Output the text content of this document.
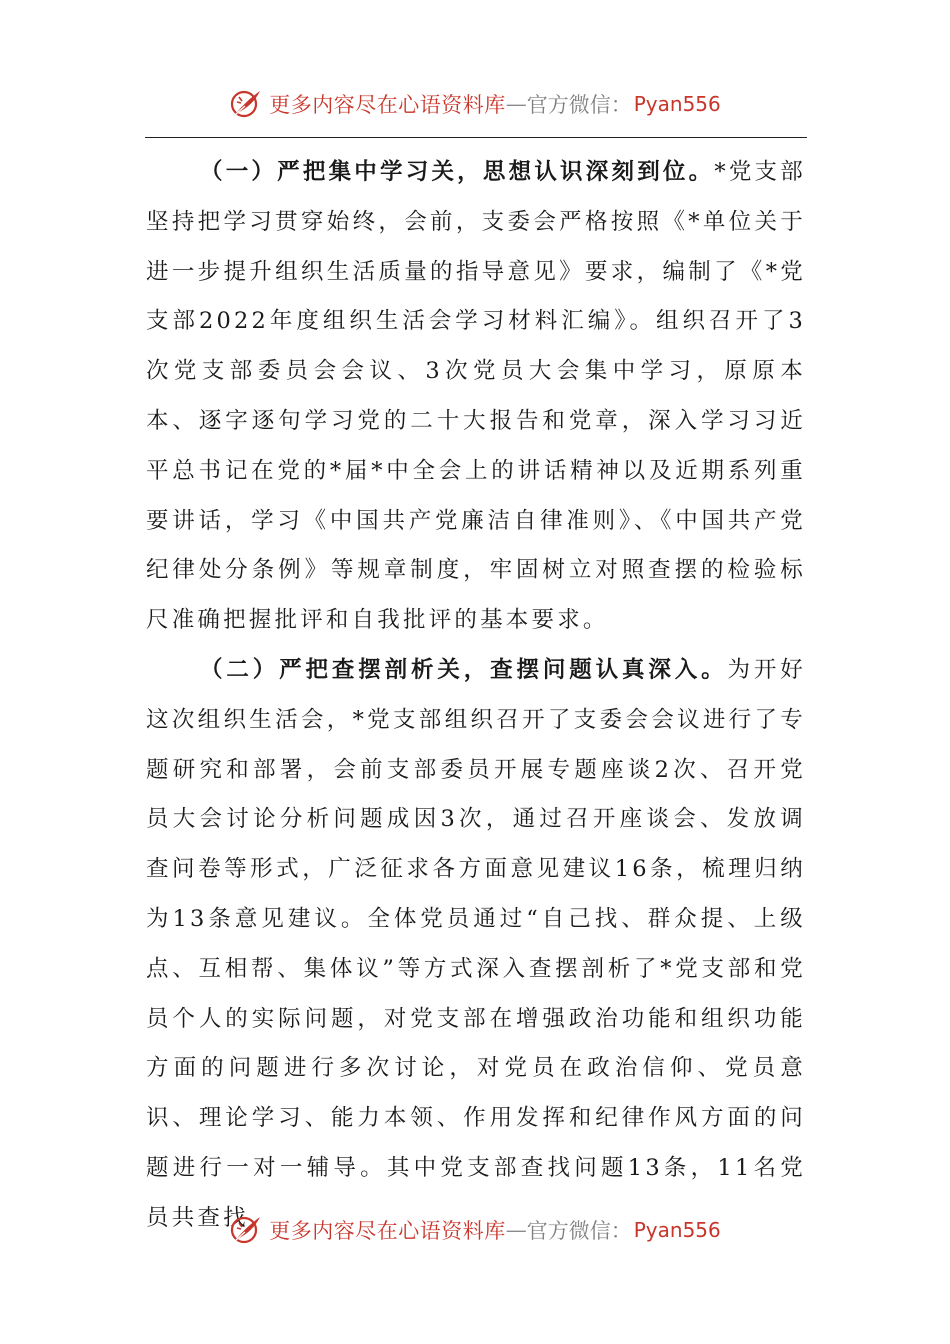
更多内容尽在心语资料库 — 官方微信： Pyan556

（一）严把集中学习关，思想认识深刻到位。*党支部坚持把学习贯穿始终，会前，支委会严格按照《*单位关于进一步提升组织生活质量的指导意见》要求，编制了《*党支部2022年度组织生活会学习材料汇编》。组织召开了3次党支部委员会会议、3次党员大会集中学习，原原本本、逐字逐句学习党的二十大报告和党章，深入学习习近平总书记在党的*届*中全会上的讲话精神以及近期系列重要讲话，学习《中国共产党廉洁自律准则》、《中国共产党纪律处分条例》等规章制度，牢固树立对照查摆的检验标尺准确把握批评和自我批评的基本要求。

（二）严把查摆剖析关，查摆问题认真深入。为开好这次组织生活会，*党支部组织召开了支委会会议进行了专题研究和部署，会前支部委员开展专题座谈2次、召开党员大会讨论分析问题成因3次，通过召开座谈会、发放调查问卷等形式，广泛征求各方面意见建议16条，梳理归纳为13条意见建议。全体党员通过“自己找、群众提、上级点、互相帮、集体议”等方式深入查摆剖析了*党支部和党员个人的实际问题，对党支部在增强政治功能和组织功能方面的问题进行多次讨论，对党员在政治信仰、党员意识、理论学习、能力本领、作用发挥和纪律作风方面的问题进行一对一辅导。其中党支部查找问题13条，11名党员共查找

更多内容尽在心语资料库 — 官方微信： Pyan556
